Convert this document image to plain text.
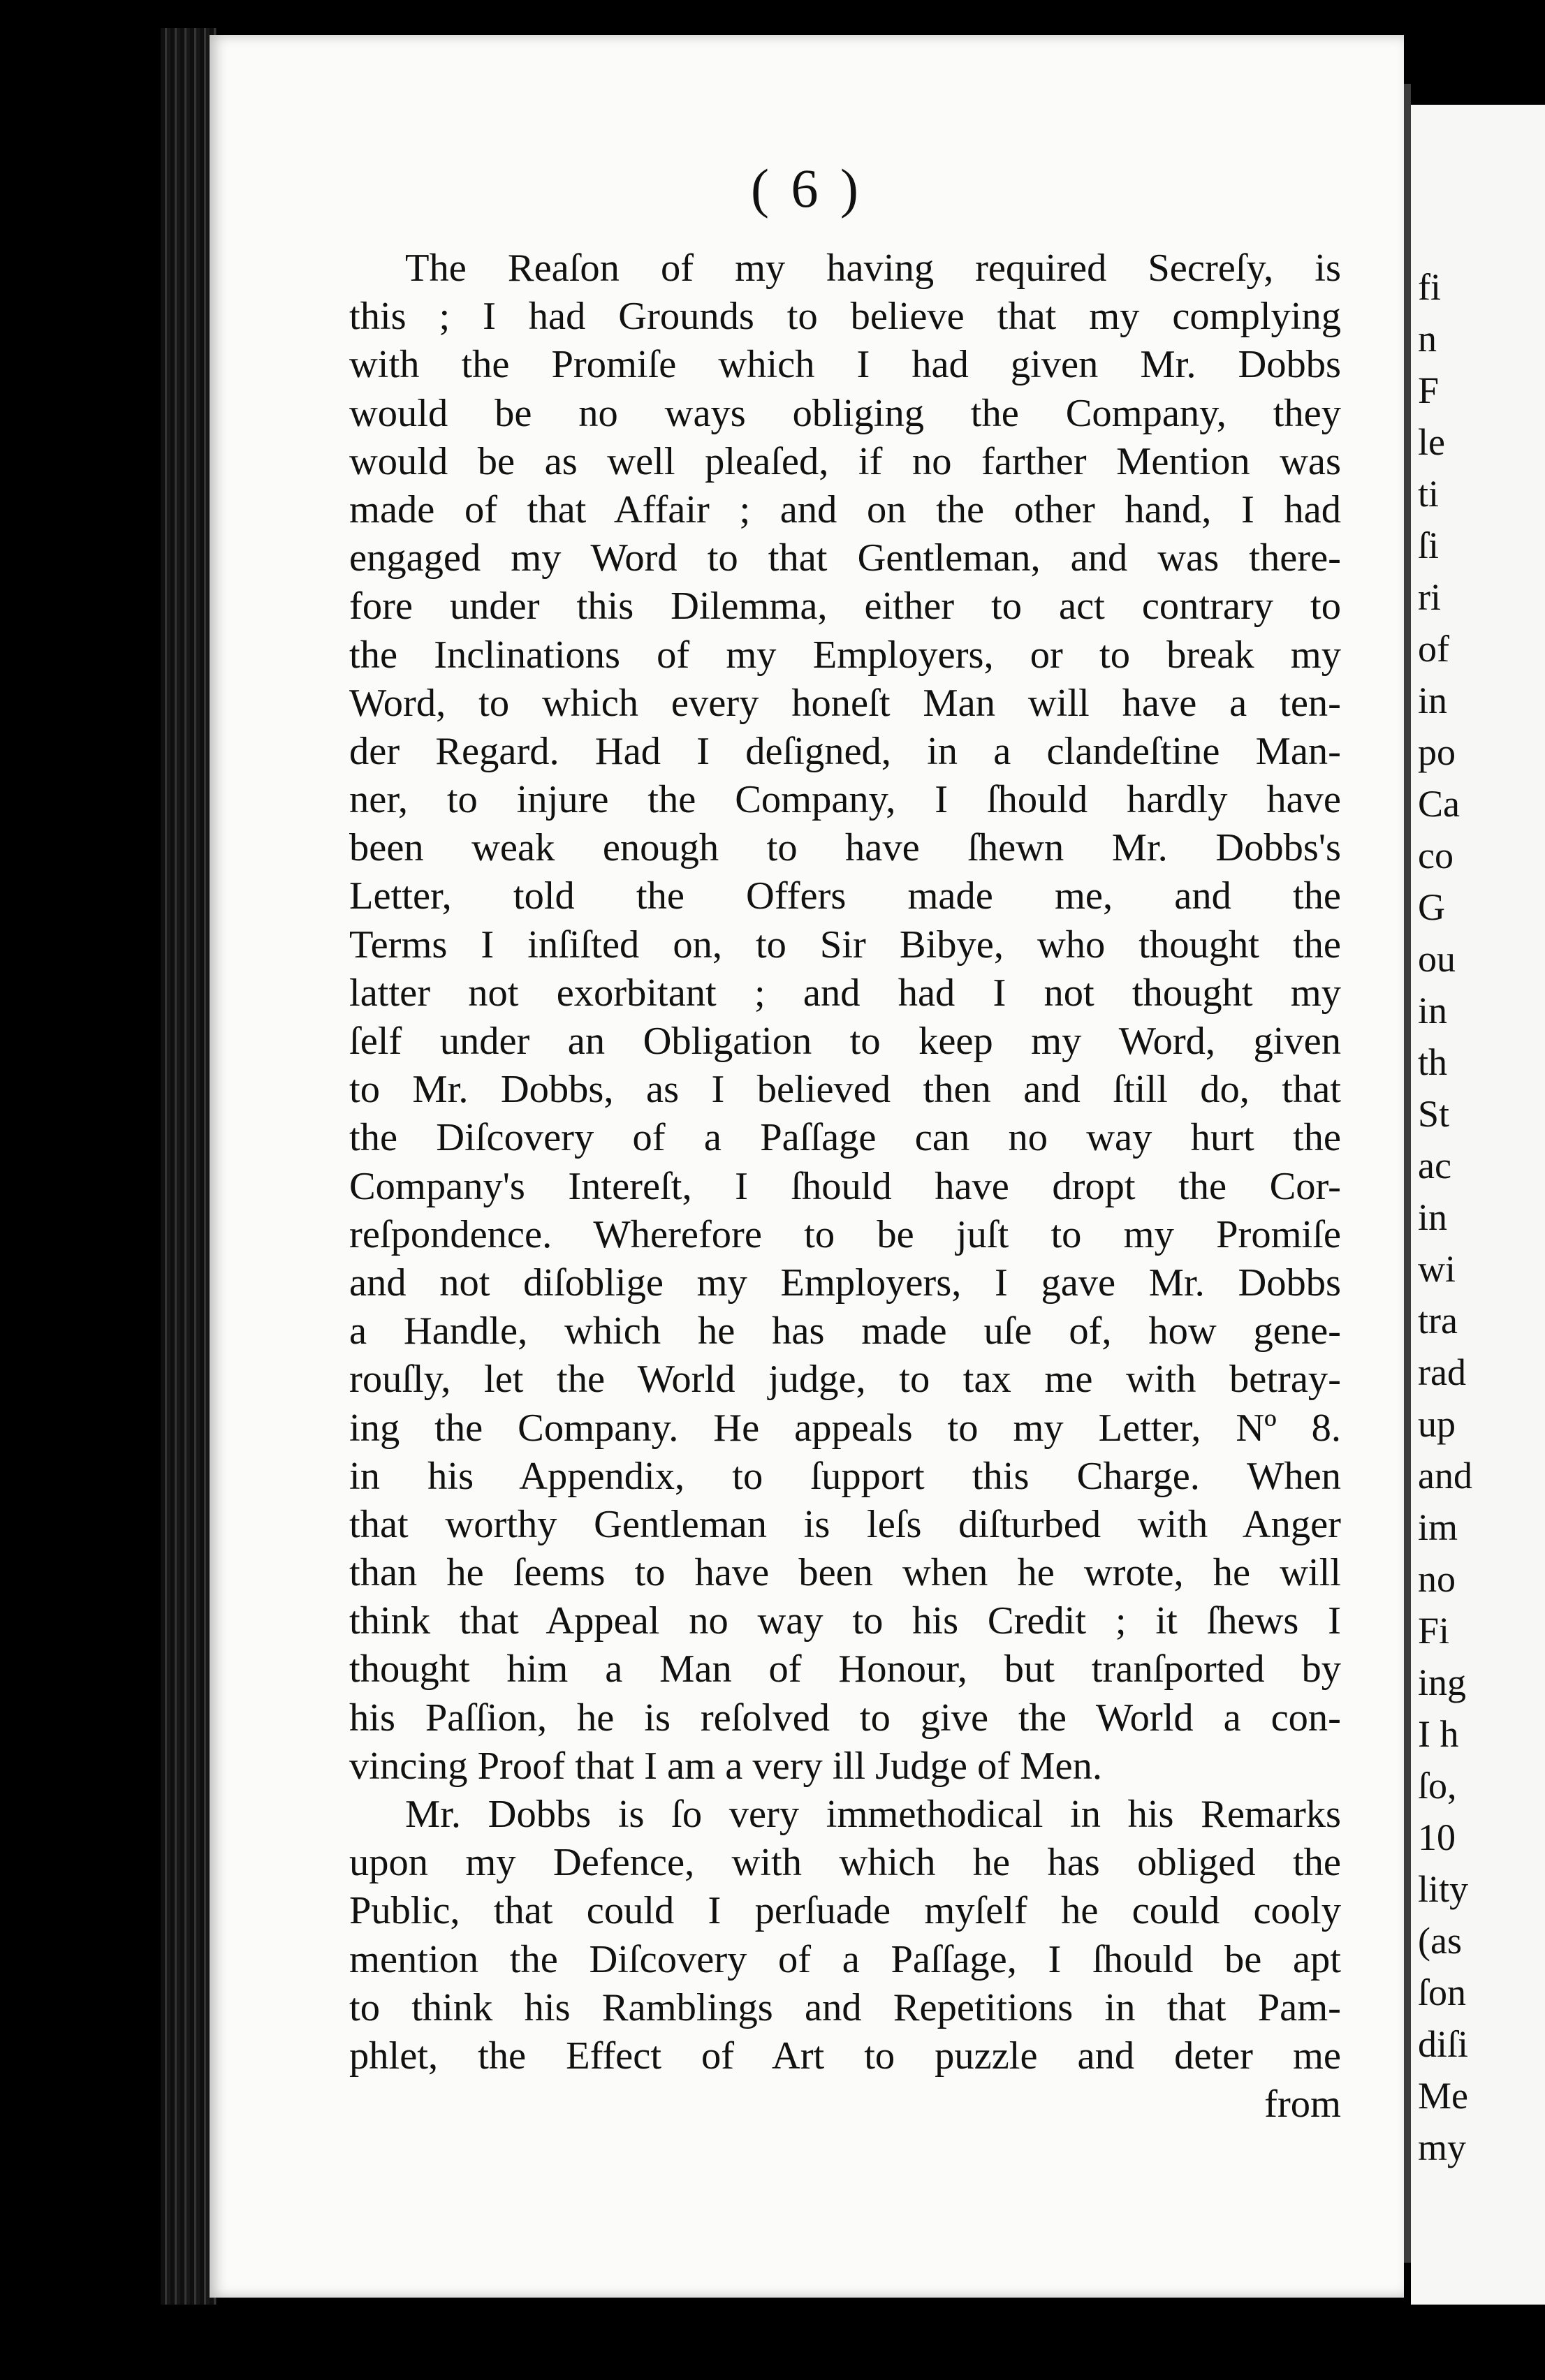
fi
n
F
le
ti
ſi
ri
of
in
po
Ca
co
G
ou
in
th
St
ac
in
wi
tra
rad
up
and
im
no
Fi
ing
I h
ſo,
10
lity
(as
ſon
diſi
Me
my
( 6 )
The Reaſon of my having required Secreſy, is
this ; I had Grounds to believe that my complying
with the Promiſe which I had given Mr. Dobbs
would be no ways obliging the Company, they
would be as well pleaſed, if no farther Mention was
made of that Affair ; and on the other hand, I had
engaged my Word to that Gentleman, and was there-
fore under this Dilemma, either to act contrary to
the Inclinations of my Employers, or to break my
Word, to which every honeſt Man will have a ten-
der Regard. Had I deſigned, in a clandeſtine Man-
ner, to injure the Company, I ſhould hardly have
been weak enough to have ſhewn Mr. Dobbs's
Letter, told the Offers made me, and the
Terms I inſiſted on, to Sir Bibye, who thought the
latter not exorbitant ; and had I not thought my
ſelf under an Obligation to keep my Word, given
to Mr. Dobbs, as I believed then and ſtill do, that
the Diſcovery of a Paſſage can no way hurt the
Company's Intereſt, I ſhould have dropt the Cor-
reſpondence. Wherefore to be juſt to my Promiſe
and not diſoblige my Employers, I gave Mr. Dobbs
a Handle, which he has made uſe of, how gene-
rouſly, let the World judge, to tax me with betray-
ing the Company. He appeals to my Letter, Nº 8.
in his Appendix, to ſupport this Charge. When
that worthy Gentleman is leſs diſturbed with Anger
than he ſeems to have been when he wrote, he will
think that Appeal no way to his Credit ; it ſhews I
thought him a Man of Honour, but tranſported by
his Paſſion, he is reſolved to give the World a con-
vincing Proof that I am a very ill Judge of Men.
Mr. Dobbs is ſo very immethodical in his Remarks
upon my Defence, with which he has obliged the
Public, that could I perſuade myſelf he could cooly
mention the Diſcovery of a Paſſage, I ſhould be apt
to think his Ramblings and Repetitions in that Pam-
phlet, the Effect of Art to puzzle and deter me
from
